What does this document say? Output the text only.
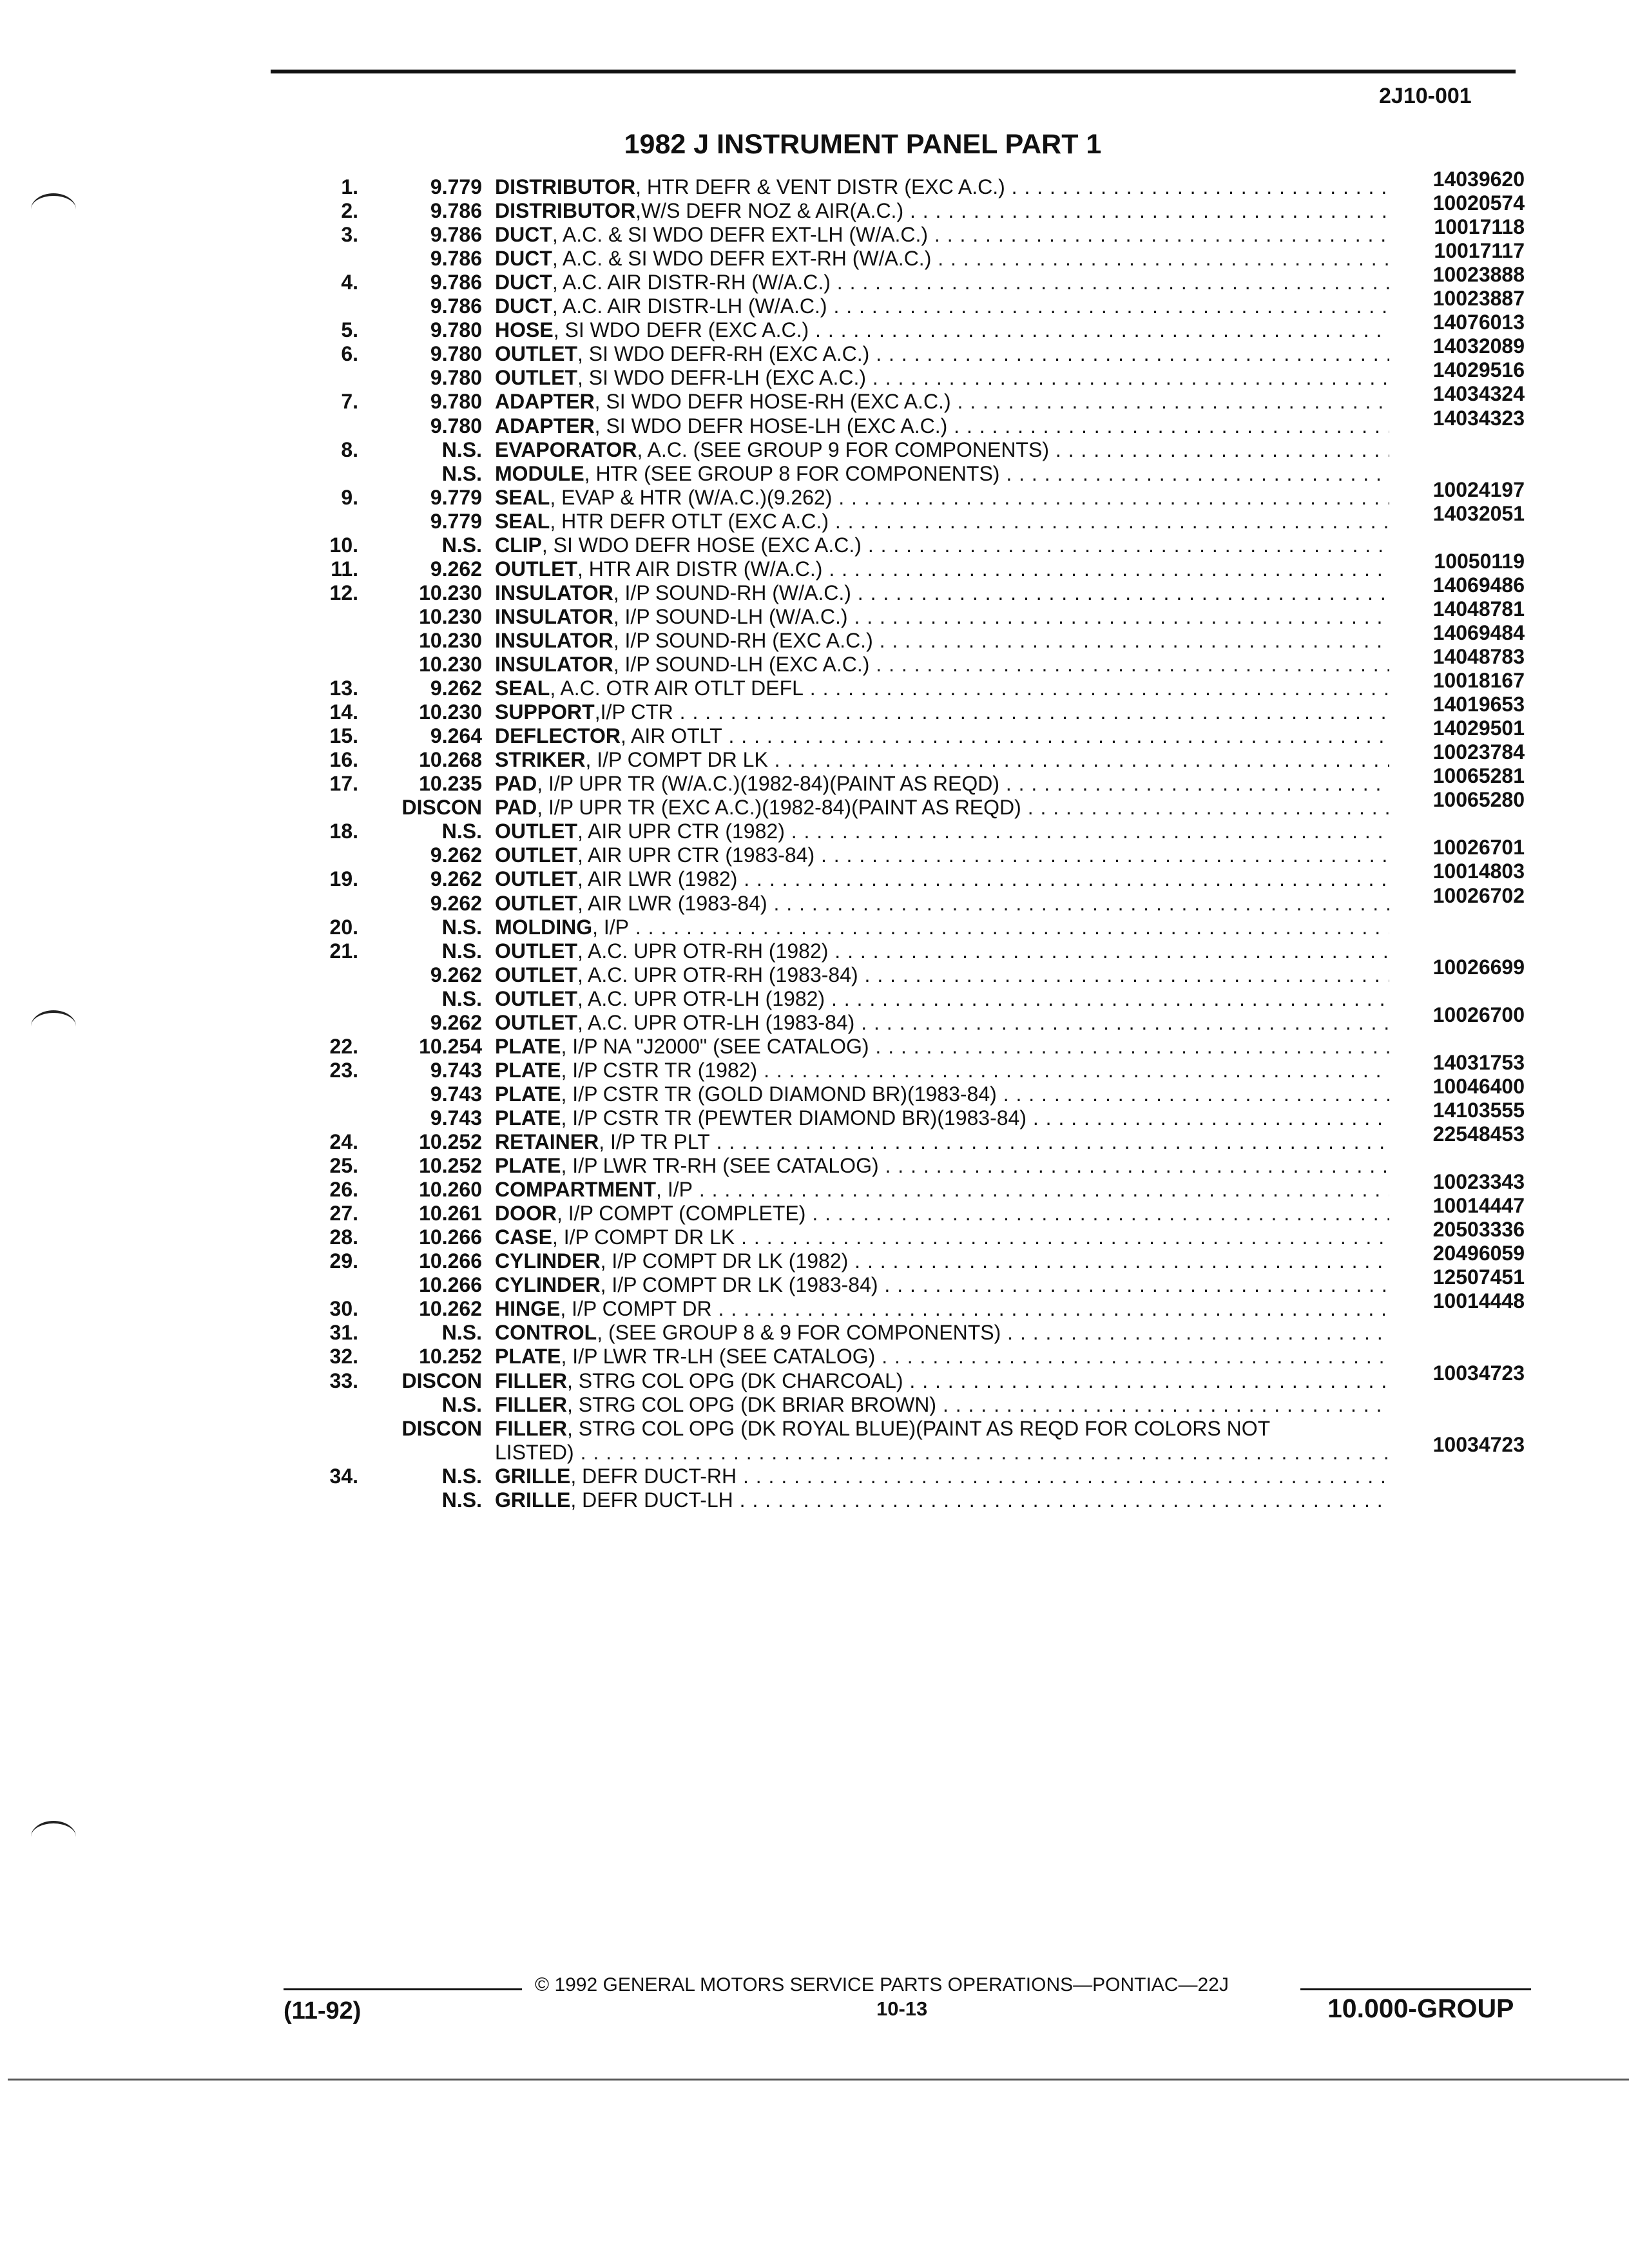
2J10-001
1982 J INSTRUMENT PANEL PART 1
1.	9.779 DISTRIBUTOR, HTR DEFR & VENT DISTR (EXC A.C.) . . .	14039620
2.	9.786 DISTRIBUTOR,W/S DEFR NOZ & AIR(A.C.) . . .	10020574
3.	9.786 DUCT, A.C. & SI WDO DEFR EXT-LH (W/A.C.) . . .	10017118
9.786 DUCT, A.C. & SI WDO DEFR EXT-RH (W/A.C.) . . .	10017117
4.	9.786 DUCT, A.C. AIR DISTR-RH (W/A.C.) . . .	10023888
9.786 DUCT, A.C. AIR DISTR-LH (W/A.C.) . . .	10023887
5.	9.780 HOSE, SI WDO DEFR (EXC A.C.) . . .	14076013
6.	9.780 OUTLET, SI WDO DEFR-RH (EXC A.C.) . . .	14032089
9.780 OUTLET, SI WDO DEFR-LH (EXC A.C.) . . .	14029516
7.	9.780 ADAPTER, SI WDO DEFR HOSE-RH (EXC A.C.) . . .	14034324
9.780 ADAPTER, SI WDO DEFR HOSE-LH (EXC A.C.) . . .	14034323
8.	N.S. EVAPORATOR, A.C. (SEE GROUP 9 FOR COMPONENTS) . . .
N.S. MODULE, HTR (SEE GROUP 8 FOR COMPONENTS) . . .
9.	9.779 SEAL, EVAP & HTR (W/A.C.)(9.262) . . .	10024197
9.779 SEAL, HTR DEFR OTLT (EXC A.C.) . . .	14032051
10.	N.S. CLIP, SI WDO DEFR HOSE (EXC A.C.) . . .
11.	9.262 OUTLET, HTR AIR DISTR (W/A.C.) . . .	10050119
12.	10.230 INSULATOR, I/P SOUND-RH (W/A.C.) . . .	14069486
10.230 INSULATOR, I/P SOUND-LH (W/A.C.) . . .	14048781
10.230 INSULATOR, I/P SOUND-RH (EXC A.C.) . . .	14069484
10.230 INSULATOR, I/P SOUND-LH (EXC A.C.) . . .	14048783
13.	9.262 SEAL, A.C. OTR AIR OTLT DEFL . . .	10018167
14.	10.230 SUPPORT,I/P CTR . . .	14019653
15.	9.264 DEFLECTOR, AIR OTLT . . .	14029501
16.	10.268 STRIKER, I/P COMPT DR LK . . .	10023784
17.	10.235 PAD, I/P UPR TR (W/A.C.)(1982-84)(PAINT AS REQD) . . .	10065281
DISCON PAD, I/P UPR TR (EXC A.C.)(1982-84)(PAINT AS REQD) . . .	10065280
18.	N.S. OUTLET, AIR UPR CTR (1982) . . .
9.262 OUTLET, AIR UPR CTR (1983-84) . . .	10026701
19.	9.262 OUTLET, AIR LWR (1982) . . .	10014803
9.262 OUTLET, AIR LWR (1983-84) . . .	10026702
20.	N.S. MOLDING, I/P . . .
21.	N.S. OUTLET, A.C. UPR OTR-RH (1982) . . .
9.262 OUTLET, A.C. UPR OTR-RH (1983-84) . . .	10026699
N.S. OUTLET, A.C. UPR OTR-LH (1982) . . .
9.262 OUTLET, A.C. UPR OTR-LH (1983-84) . . .	10026700
22.	10.254 PLATE, I/P NA "J2000" (SEE CATALOG) . . .
23.	9.743 PLATE, I/P CSTR TR (1982) . . .	14031753
9.743 PLATE, I/P CSTR TR (GOLD DIAMOND BR)(1983-84) . . .	10046400
9.743 PLATE, I/P CSTR TR (PEWTER DIAMOND BR)(1983-84) . . .	14103555
24.	10.252 RETAINER, I/P TR PLT . . .	22548453
25.	10.252 PLATE, I/P LWR TR-RH (SEE CATALOG) . . .
26.	10.260 COMPARTMENT, I/P . . .	10023343
27.	10.261 DOOR, I/P COMPT (COMPLETE) . . .	10014447
28.	10.266 CASE, I/P COMPT DR LK . . .	20503336
29.	10.266 CYLINDER, I/P COMPT DR LK (1982) . . .	20496059
10.266 CYLINDER, I/P COMPT DR LK (1983-84) . . .	12507451
30.	10.262 HINGE, I/P COMPT DR . . .	10014448
31.	N.S. CONTROL, (SEE GROUP 8 & 9 FOR COMPONENTS) . . .
32.	10.252 PLATE, I/P LWR TR-LH (SEE CATALOG) . . .
33.	DISCON FILLER, STRG COL OPG (DK CHARCOAL) . . .	10034723
N.S. FILLER, STRG COL OPG (DK BRIAR BROWN) . . .
DISCON FILLER, STRG COL OPG (DK ROYAL BLUE)(PAINT AS REQD FOR COLORS NOT
LISTED) . . .	10034723
34.	N.S. GRILLE, DEFR DUCT-RH . . .
N.S. GRILLE, DEFR DUCT-LH . . .
© 1992 GENERAL MOTORS SERVICE PARTS OPERATIONS—PONTIAC—22J
(11-92)	10-13	10.000-GROUP
